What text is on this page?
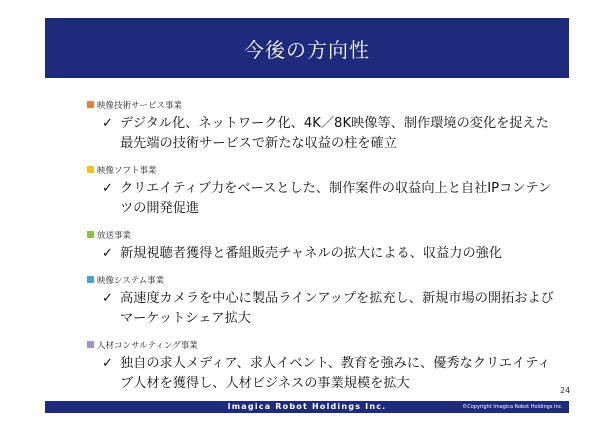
今後の方向性
映像技術サービス事業
✓ デジタル化、ネットワーク化、4K／8K映像等、制作環境の変化を捉えた最先端の技術サービスで新たな収益の柱を確立
映像ソフト事業
✓ クリエイティブ力をベースとした、制作案件の収益向上と自社IPコンテンツの開発促進
放送事業
✓ 新規視聴者獲得と番組販売チャネルの拡大による、収益力の強化
映像システム事業
✓ 高速度カメラを中心に製品ラインアップを拡充し、新規市場の開拓およびマーケットシェア拡大
人材コンサルティング事業
✓ 独自の求人メディア、求人イベント、教育を強みに、優秀なクリエイティブ人材を獲得し、人材ビジネスの事業規模を拡大	24
Imagica Robot Holdings Inc.	©Copyright Imagica Robot Holdings Inc.
